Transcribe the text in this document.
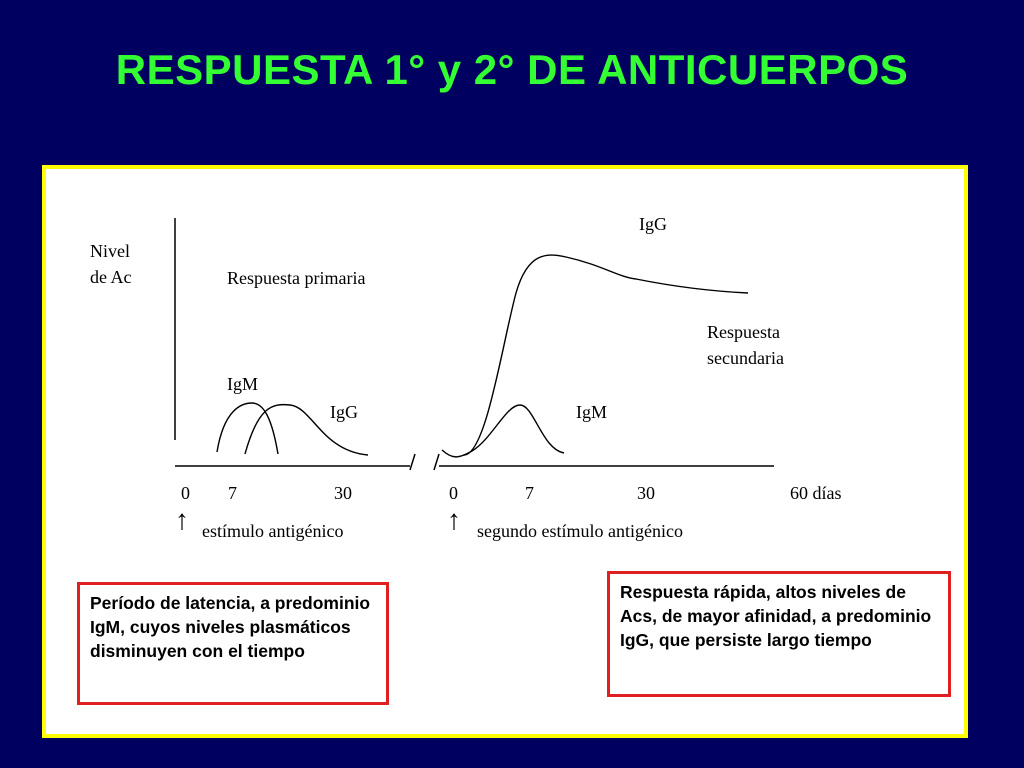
RESPUESTA 1° y 2° DE ANTICUERPOS
Nivel
de Ac	Respuesta primaria
Respuesta
secundaria
IgM
IgG
IgG
IgM
0 7	30	0	7	30	60 días
↑ estímulo antigénico	↑ segundo estímulo antigénico
Período de latencia, a predominio IgM, cuyos niveles plasmáticos disminuyen con el tiempo
Respuesta rápida, altos niveles de Acs, de mayor afinidad, a predominio IgG, que persiste largo tiempo
